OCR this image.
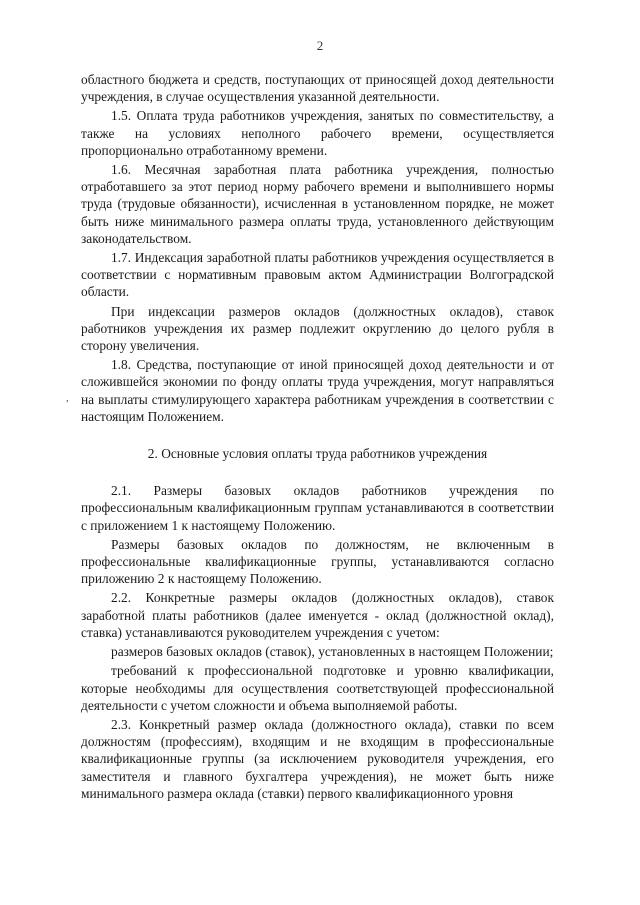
2
,

областного бюджета и средств, поступающих от приносящей доход деятельности учреждения, в случае осуществления указанной деятельности.

1.5. Оплата труда работников учреждения, занятых по совместительству, а также на условиях неполного рабочего времени, осуществляется пропорционально отработанному времени.

1.6. Месячная заработная плата работника учреждения, полностью отработавшего за этот период норму рабочего времени и выполнившего нормы труда (трудовые обязанности), исчисленная в установленном порядке, не может быть ниже минимального размера оплаты труда, установленного действующим законодательством.

1.7. Индексация заработной платы работников учреждения осуществляется в соответствии с нормативным правовым актом Администрации Волгоградской области.

При индексации размеров окладов (должностных окладов), ставок работников учреждения их размер подлежит округлению до целого рубля в сторону увеличения.

1.8. Средства, поступающие от иной приносящей доход деятельности и от сложившейся экономии по фонду оплаты труда учреждения, могут направляться на выплаты стимулирующего характера работникам учреждения в соответствии с настоящим Положением.

2. Основные условия оплаты труда работников учреждения

2.1. Размеры базовых окладов работников учреждения по профессиональным квалификационным группам устанавливаются в соответствии с приложением 1 к настоящему Положению.

Размеры базовых окладов по должностям, не включенным в профессиональные квалификационные группы, устанавливаются согласно приложению 2 к настоящему Положению.

2.2. Конкретные размеры окладов (должностных окладов), ставок заработной платы работников (далее именуется - оклад (должностной оклад), ставка) устанавливаются руководителем учреждения с учетом:

размеров базовых окладов (ставок), установленных в настоящем Положении;

требований к профессиональной подготовке и уровню квалификации, которые необходимы для осуществления соответствующей профессиональной деятельности с учетом сложности и объема выполняемой работы.

2.3. Конкретный размер оклада (должностного оклада), ставки по всем должностям (профессиям), входящим и не входящим в профессиональные квалификационные группы (за исключением руководителя учреждения, его заместителя и главного бухгалтера учреждения), не может быть ниже минимального размера оклада (ставки) первого квалификационного уровня
